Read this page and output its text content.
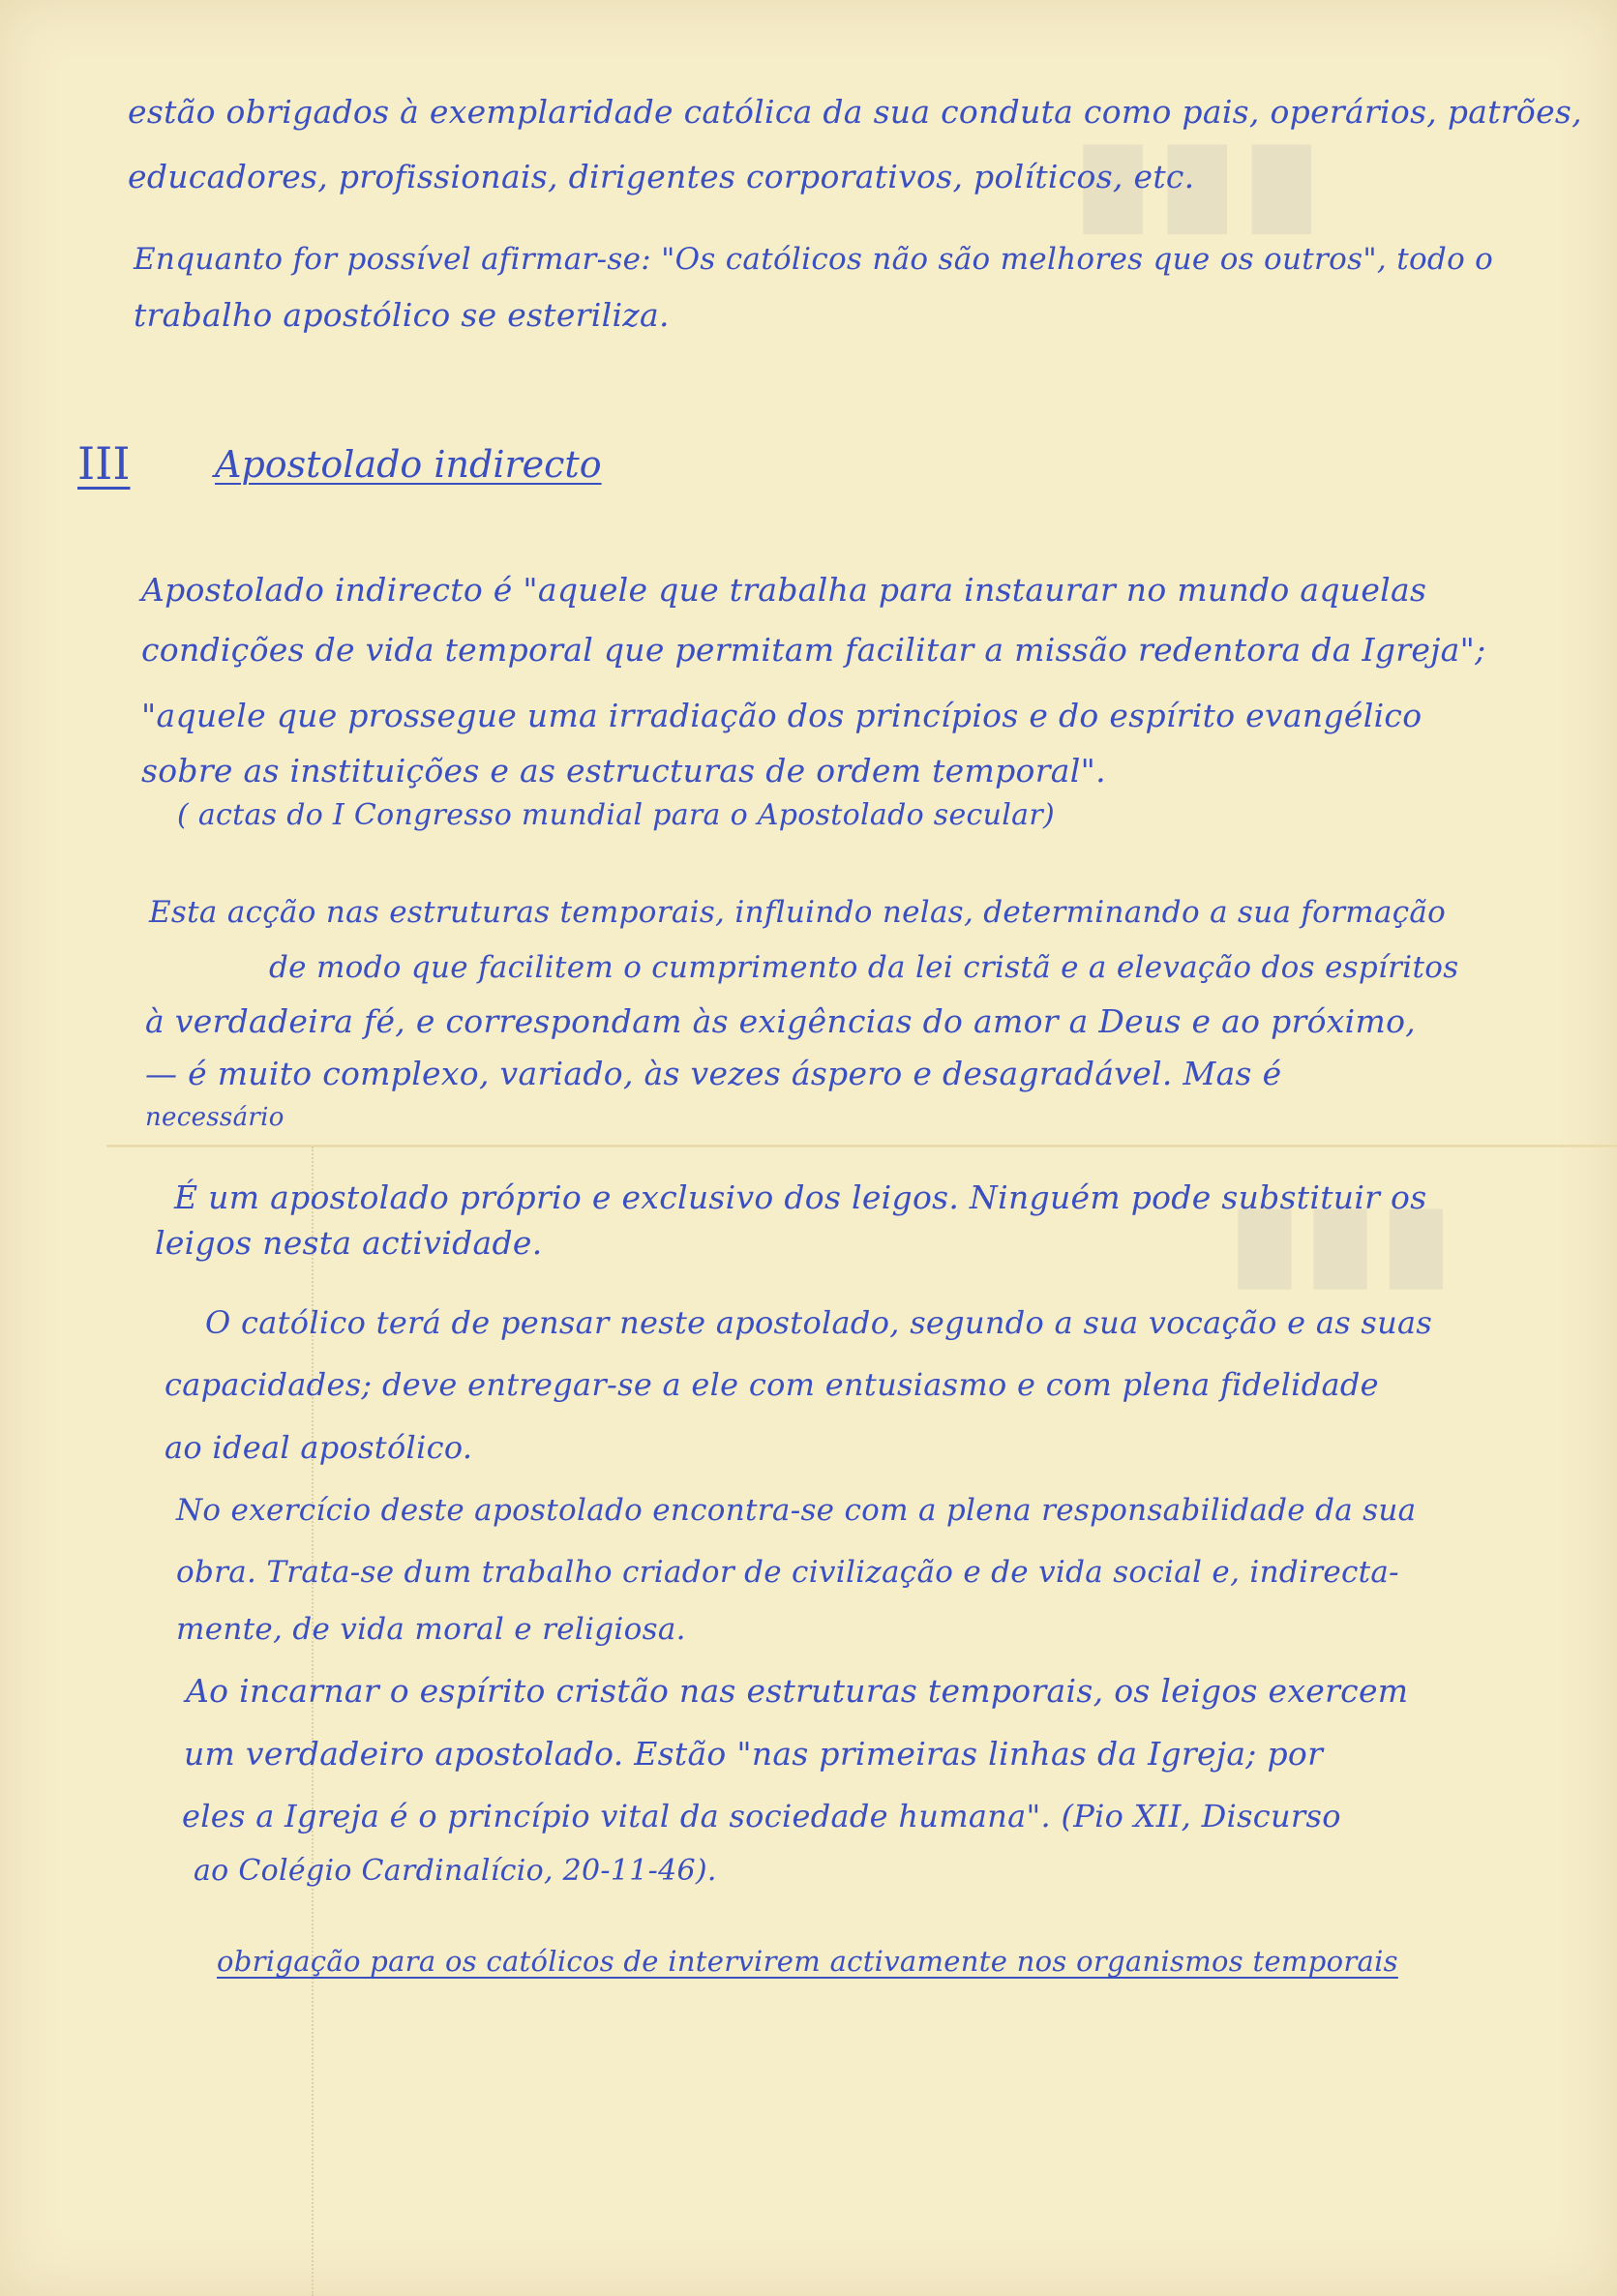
█ █ █
█ █ █
estão obrigados à exemplaridade católica da sua conduta como pais, operários, patrões,
educadores, profissionais, dirigentes corporativos, políticos, etc.
Enquanto for possível afirmar-se: "Os católicos não são melhores que os outros", todo o
trabalho apostólico se esteriliza.
III Apostolado indirecto
Apostolado indirecto é "aquele que trabalha para instaurar no mundo aquelas
condições de vida temporal que permitam facilitar a missão redentora da Igreja";
"aquele que prossegue uma irradiação dos princípios e do espírito evangélico
sobre as instituições e as estructuras de ordem temporal".
( actas do I Congresso mundial para o Apostolado secular)
Esta acção nas estruturas temporais, influindo nelas, determinando a sua formação
de modo que facilitem o cumprimento da lei cristã e a elevação dos espíritos
à verdadeira fé, e correspondam às exigências do amor a Deus e ao próximo,
— é muito complexo, variado, às vezes áspero e desagradável. Mas é
necessário
É um apostolado próprio e exclusivo dos leigos. Ninguém pode substituir os
leigos nesta actividade.
O católico terá de pensar neste apostolado, segundo a sua vocação e as suas
capacidades; deve entregar-se a ele com entusiasmo e com plena fidelidade
ao ideal apostólico.
No exercício deste apostolado encontra-se com a plena responsabilidade da sua
obra. Trata-se dum trabalho criador de civilização e de vida social e, indirecta-
mente, de vida moral e religiosa.
Ao incarnar o espírito cristão nas estruturas temporais, os leigos exercem
um verdadeiro apostolado. Estão "nas primeiras linhas da Igreja; por
eles a Igreja é o princípio vital da sociedade humana". (Pio XII, Discurso
ao Colégio Cardinalício, 20-11-46).
obrigação para os católicos de intervirem activamente nos organismos temporais
